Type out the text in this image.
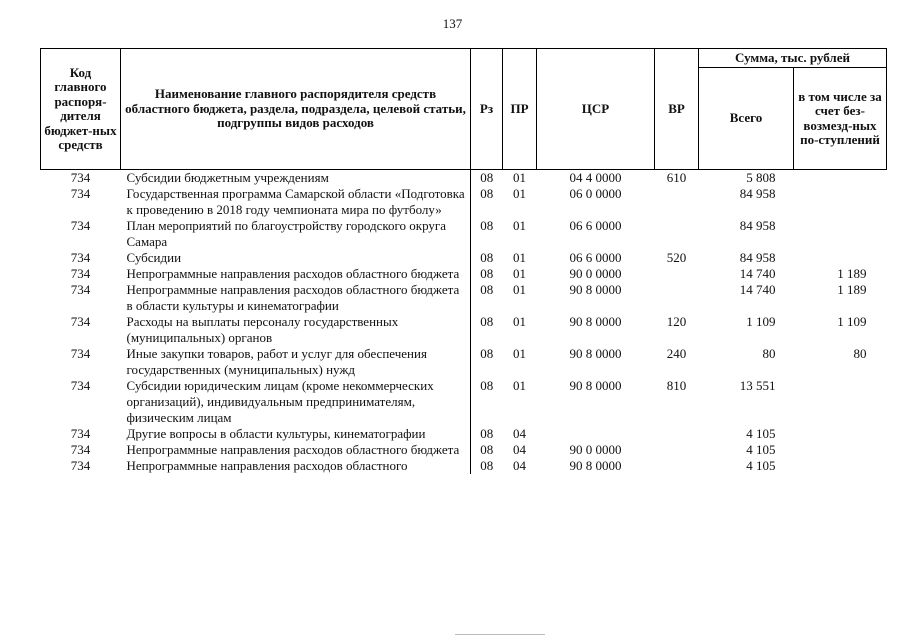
137
Код главного распоря-дителя бюджет-ных средств	Наименование главного распорядителя средств областного бюджета, раздела, подраздела, целевой статьи, подгруппы видов расходов	Рз	ПР	ЦСР	ВР	Сумма, тыс. рублей	
						Всего	в том числе за счет без-возмезд-ных по-ступлений
734	Субсидии бюджетным учреждениям	08	01	04 4 0000	610	5 808	
734	Государственная программа Самарской области «Подготовка к проведению в 2018 году чемпионата мира по футболу»	08	01	06 0 0000		84 958	
734	План мероприятий по благоустройству городского округа Самара	08	01	06 6 0000		84 958	
734	Субсидии	08	01	06 6 0000	520	84 958	
734	Непрограммные направления расходов областного бюджета	08	01	90 0 0000		14 740	1 189
734	Непрограммные направления расходов областного бюджета в области культуры и кинематографии	08	01	90 8 0000		14 740	1 189
734	Расходы на выплаты персоналу государственных (муниципальных) органов	08	01	90 8 0000	120	1 109	1 109
734	Иные закупки товаров, работ и услуг для обеспечения государственных (муниципальных) нужд	08	01	90 8 0000	240	80	80
734	Субсидии юридическим лицам (кроме некоммерческих организаций), индивидуальным предпринимателям, физическим лицам	08	01	90 8 0000	810	13 551	
734	Другие вопросы в области культуры, кинематографии	08	04			4 105	
734	Непрограммные направления расходов областного бюджета	08	04	90 0 0000		4 105	
734	Непрограммные направления расходов областного	08	04	90 8 0000		4 105	
